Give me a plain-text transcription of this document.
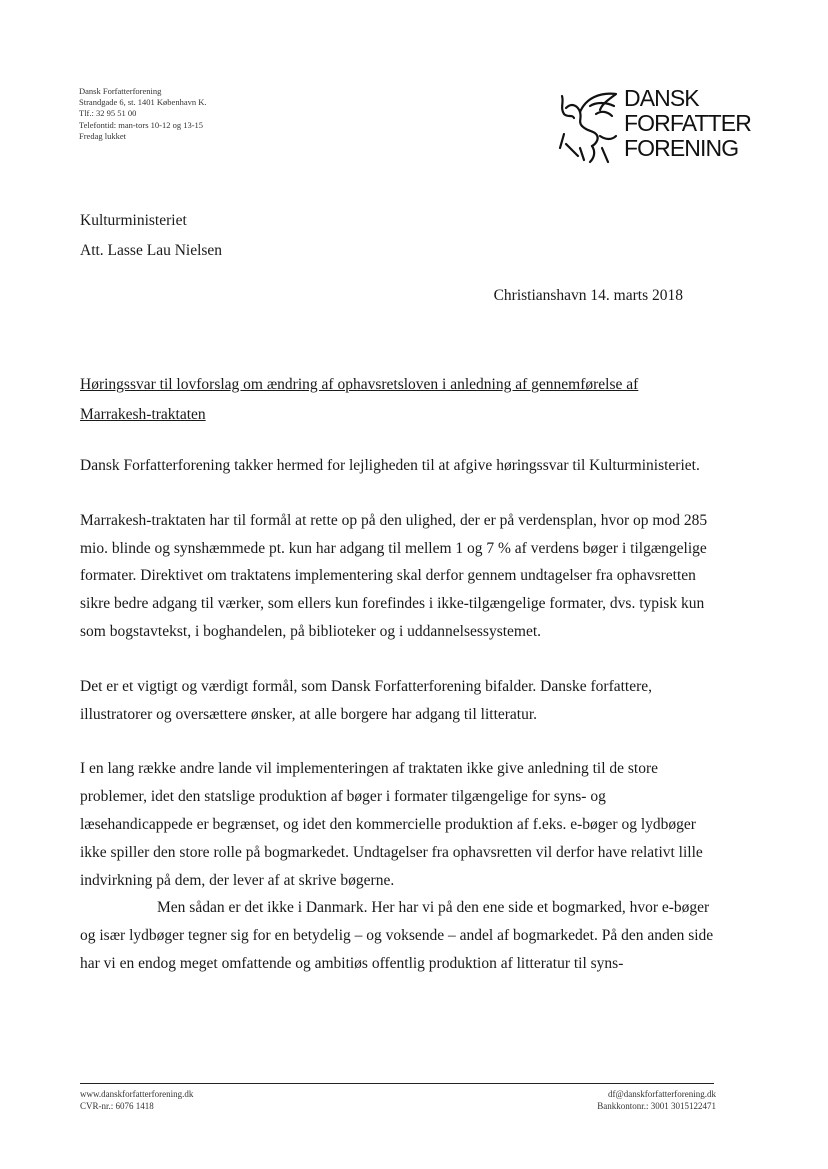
Dansk Forfatterforening
Strandgade 6, st. 1401 København K.
Tlf.: 32 95 51 00
Telefontid: man-tors 10-12 og 13-15
Fredag lukket
DANSK
FORFATTER
FORENING
Kulturministeriet
Att. Lasse Lau Nielsen
Christianshavn 14. marts 2018
Høringssvar til lovforslag om ændring af ophavsretsloven i anledning af gennemførelse af Marrakesh-traktaten

Dansk Forfatterforening takker hermed for lejligheden til at afgive høringssvar til Kulturministeriet.

Marrakesh-traktaten har til formål at rette op på den ulighed, der er på verdensplan, hvor op mod 285 mio. blinde og synshæmmede pt. kun har adgang til mellem 1 og 7 % af verdens bøger i tilgængelige formater. Direktivet om traktatens implementering skal derfor gennem undtagelser fra ophavsretten sikre bedre adgang til værker, som ellers kun forefindes i ikke-tilgængelige formater, dvs. typisk kun som bogstavtekst, i boghandelen, på biblioteker og i uddannelsessystemet.

Det er et vigtigt og værdigt formål, som Dansk Forfatterforening bifalder. Danske forfattere, illustratorer og oversættere ønsker, at alle borgere har adgang til litteratur.

I en lang række andre lande vil implementeringen af traktaten ikke give anledning til de store problemer, idet den statslige produktion af bøger i formater tilgængelige for syns- og læsehandicappede er begrænset, og idet den kommercielle produktion af f.eks. e-bøger og lydbøger ikke spiller den store rolle på bogmarkedet. Undtagelser fra ophavsretten vil derfor have relativt lille indvirkning på dem, der lever af at skrive bøgerne.

Men sådan er det ikke i Danmark. Her har vi på den ene side et bogmarked, hvor e-bøger og især lydbøger tegner sig for en betydelig – og voksende – andel af bogmarkedet. På den anden side har vi en endog meget omfattende og ambitiøs offentlig produktion af litteratur til syns-

www.danskforfatterforening.dk
CVR-nr.: 6076 1418
df@danskforfatterforening.dk
Bankkontonr.: 3001 3015122471
